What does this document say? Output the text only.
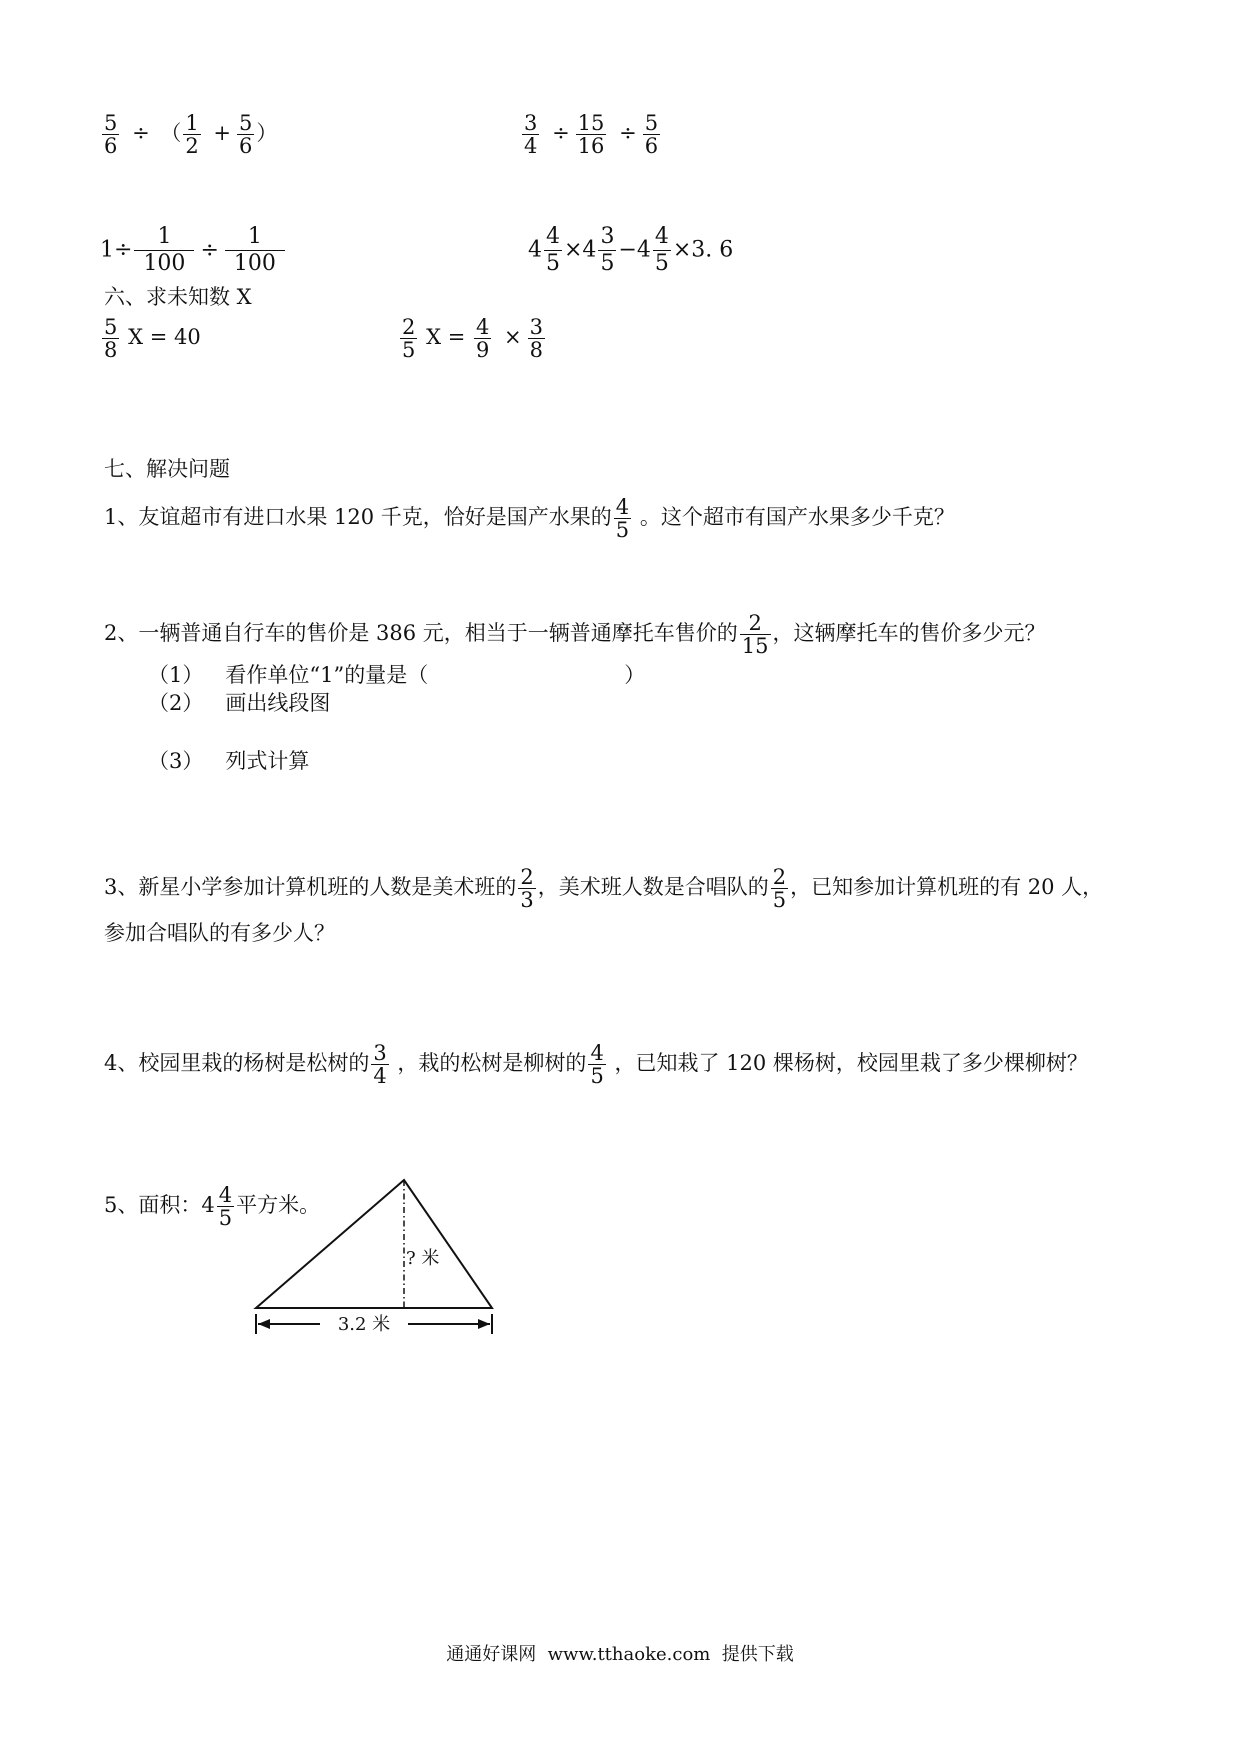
$\frac{5}{6}$ ÷ （ $\frac{1}{2} + \frac{5}{6}$ ）	$\frac{3}{4} \div \frac{15}{16} \div \frac{5}{6}$
$1\div \frac{1}{100} \div \frac{1}{100}$	$4 \frac{4}{5} \times 4 \frac{3}{5} -4 \frac{4}{5} \times 3$. 6
六、求未知数 X
$\frac{5}{8}$ X = 40	$\frac{2}{5}$ $X = \frac{4}{9} \times \frac{3}{8}$
七、解决问题
1、友谊超市有进口水果 120 千克，恰好是国产水果的 $\frac{4}{5}$ 。这个超市有国产水果多少千克？
2、一辆普通自行车的售价是 386 元，相当于一辆普通摩托车售价的 $\frac{2}{15}$ ，这辆摩托车的售价多少元？
（1） 看作单位“1”的量是（	）
（2） 画出线段图
（3） 列式计算
3、新星小学参加计算机班的人数是美术班的 $\frac{2}{3}$ ，美术班人数是合唱队的 $\frac{2}{5}$ ，已知参加计算机班的有 20 人，
参加合唱队的有多少人？
4、校园里栽的杨树是松树的 $\frac{3}{4}$ ，栽的松树是柳树的 $\frac{4}{5}$ ，已知栽了 120 棵杨树，校园里栽了多少棵柳树？
5、面积：$4 \frac{4}{5}$ 平方米。
? 米
3.2 米
通通好课网  www.tthaoke.com  提供下载
